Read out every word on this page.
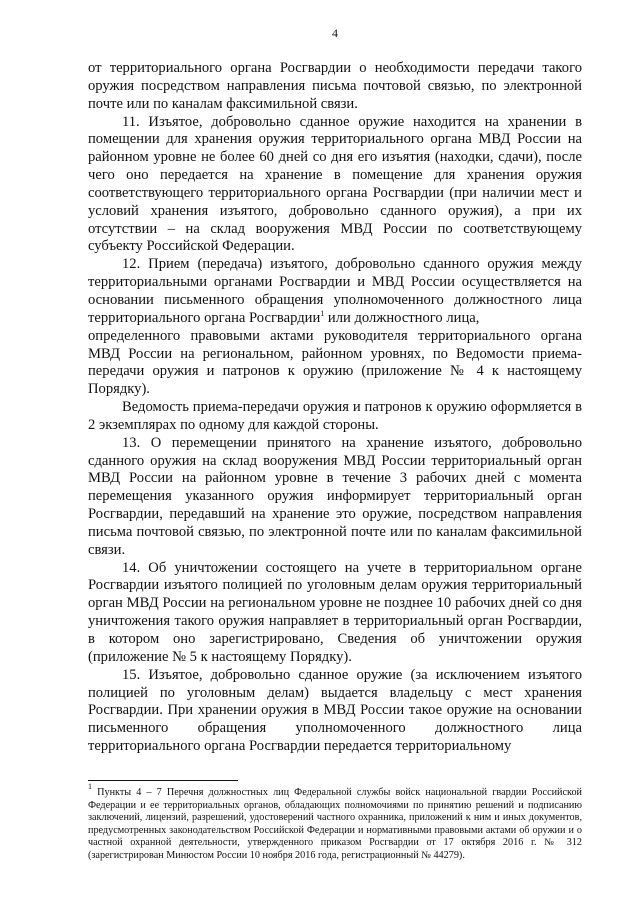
4

от территориального органа Росгвардии о необходимости передачи такого оружия посредством направления письма почтовой связью, по электронной почте или по каналам факсимильной связи.

11. Изъятое, добровольно сданное оружие находится на хранении в помещении для хранения оружия территориального органа МВД России на районном уровне не более 60 дней со дня его изъятия (находки, сдачи), после чего оно передается на хранение в помещение для хранения оружия соответствующего территориального органа Росгвардии (при наличии мест и условий хранения изъятого, добровольно сданного оружия), а при их отсутствии – на склад вооружения МВД России по соответствующему субъекту Российской Федерации.

12. Прием (передача) изъятого, добровольно сданного оружия между территориальными органами Росгвардии и МВД России осуществляется на основании письменного обращения уполномоченного должностного лица территориального органа Росгвардии$^1$ или должностного лица,

определенного правовыми актами руководителя территориального органа МВД России на региональном, районном уровнях, по Ведомости приема-передачи оружия и патронов к оружию (приложение № 4 к настоящему Порядку).

Ведомость приема-передачи оружия и патронов к оружию оформляется в 2 экземплярах по одному для каждой стороны.

13. О перемещении принятого на хранение изъятого, добровольно сданного оружия на склад вооружения МВД России территориальный орган МВД России на районном уровне в течение 3 рабочих дней с момента перемещения указанного оружия информирует территориальный орган Росгвардии, передавший на хранение это оружие, посредством направления письма почтовой связью, по электронной почте или по каналам факсимильной связи.

14. Об уничтожении состоящего на учете в территориальном органе Росгвардии изъятого полицией по уголовным делам оружия территориальный орган МВД России на региональном уровне не позднее 10 рабочих дней со дня уничтожения такого оружия направляет в территориальный орган Росгвардии, в котором оно зарегистрировано, Сведения об уничтожении оружия (приложение № 5 к настоящему Порядку).

15. Изъятое, добровольно сданное оружие (за исключением изъятого полицией по уголовным делам) выдается владельцу с мест хранения Росгвардии. При хранении оружия в МВД России такое оружие на основании письменного обращения уполномоченного должностного лица территориального органа Росгвардии передается территориальному

$^1$ Пункты 4 – 7 Перечня должностных лиц Федеральной службы войск национальной гвардии Российской Федерации и ее территориальных органов, обладающих полномочиями по принятию решений и подписанию заключений, лицензий, разрешений, удостоверений частного охранника, приложений к ним и иных документов, предусмотренных законодательством Российской Федерации и нормативными правовыми актами об оружии и о частной охранной деятельности, утвержденного приказом Росгвардии от 17 октября 2016 г. № 312 (зарегистрирован Минюстом России 10 ноября 2016 года, регистрационный № 44279).
